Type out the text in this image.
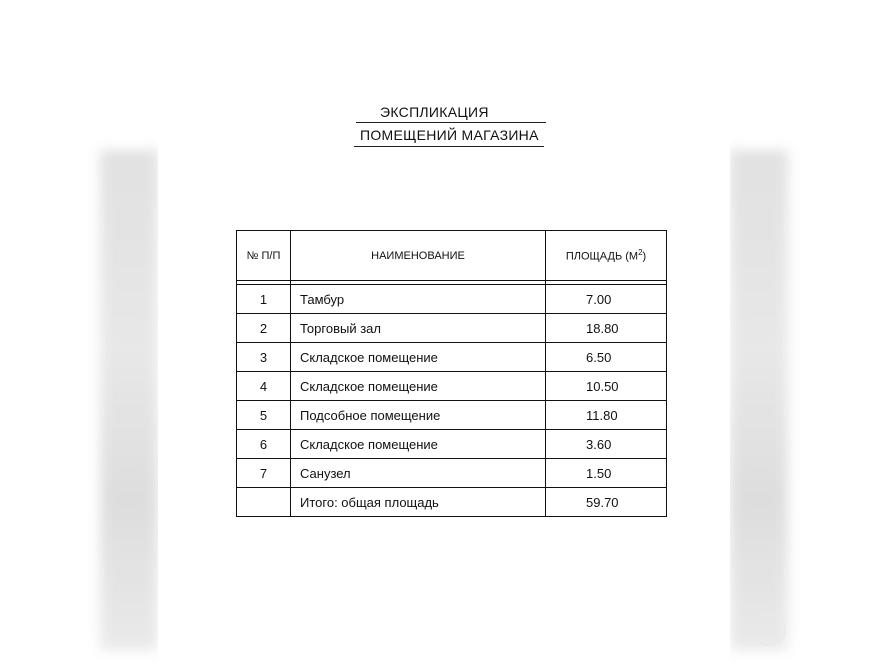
ЭКСПЛИКАЦИЯ
ПОМЕЩЕНИЙ МАГАЗИНА
№ П/П	НАИМЕНОВАНИЕ	ПЛОЩАДЬ $(М^2)$

1	Тамбур	7.00
2	Торговый зал	18.80
3	Складское помещение	6.50
4	Складское помещение	10.50
5	Подсобное помещение	11.80
6	Складское помещение	3.60
7	Санузел	1.50
	Итого: общая площадь	59.70
